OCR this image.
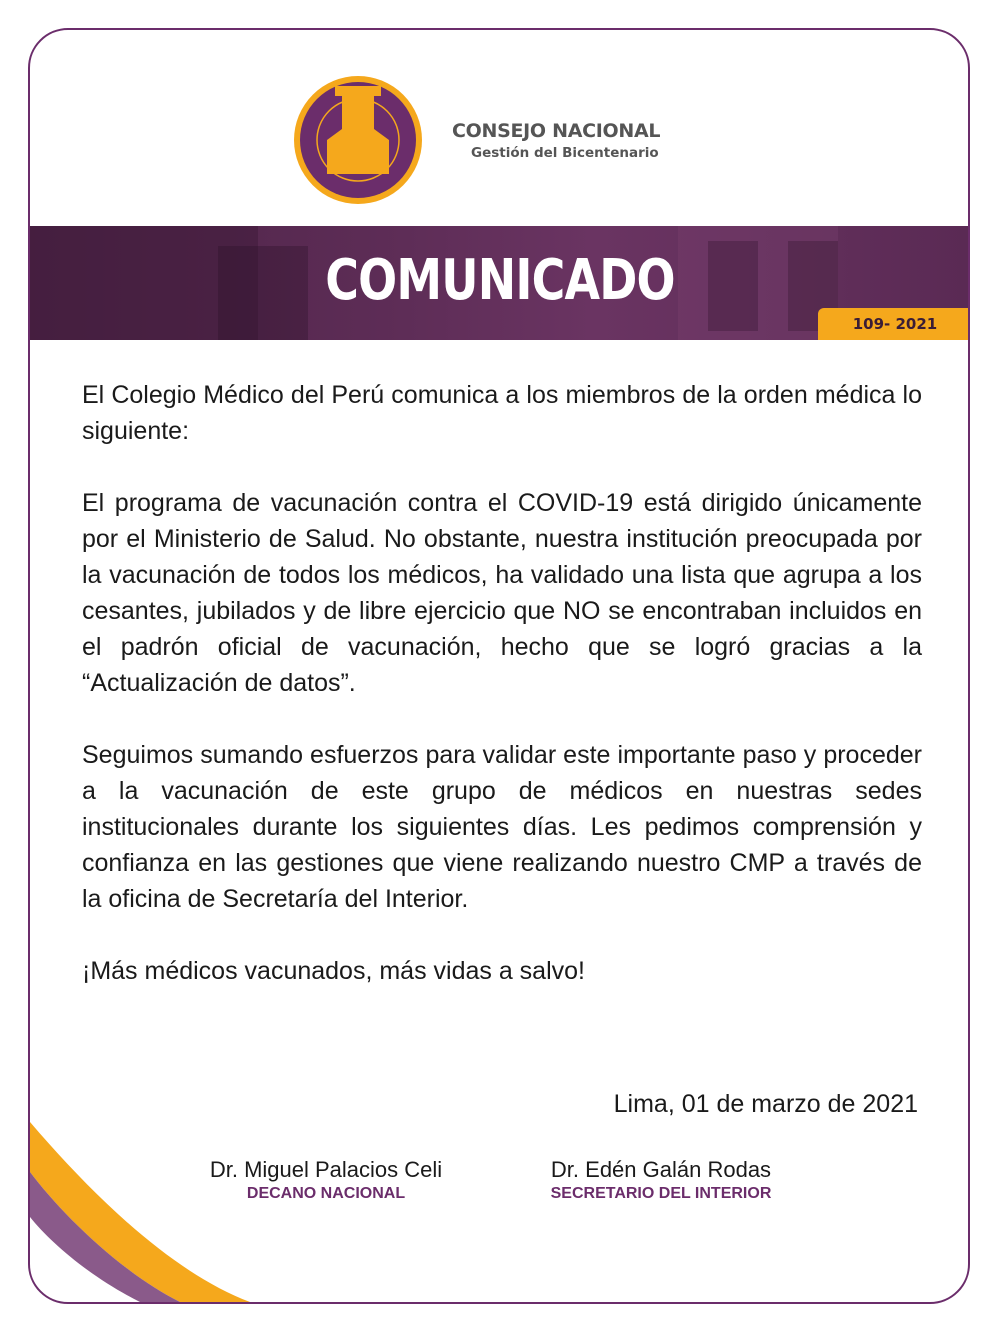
CONSEJO NACIONAL
Gestión del Bicentenario
COMUNICADO
109- 2021

El Colegio Médico del Perú comunica a los miembros de la orden médica lo siguiente:

El programa de vacunación contra el COVID-19 está dirigido únicamente por el Ministerio de Salud. No obstante, nuestra institución preocupada por la vacunación de todos los médicos, ha validado una lista que agrupa a los cesantes, jubilados y de libre ejercicio que NO se encontraban incluidos en el padrón oficial de vacunación, hecho que se logró gracias a la “Actualización de datos”.

Seguimos sumando esfuerzos para validar este importante paso y proceder a la vacunación de este grupo de médicos en nuestras sedes institucionales durante los siguientes días. Les pedimos comprensión y confianza en las gestiones que viene realizando nuestro CMP a través de la oficina de Secretaría del Interior.

¡Más médicos vacunados, más vidas a salvo!

Lima, 01 de marzo de 2021
Dr. Miguel Palacios Celi
DECANO NACIONAL
Dr. Edén Galán Rodas
SECRETARIO DEL INTERIOR
